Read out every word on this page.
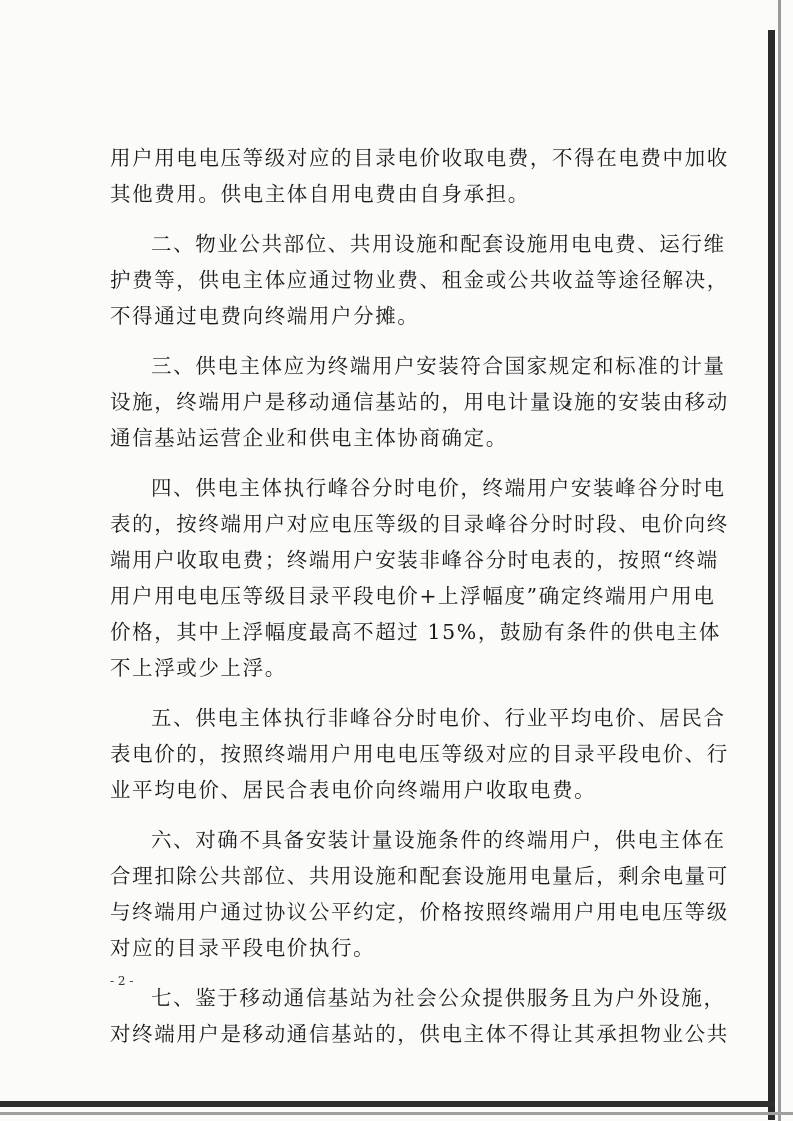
用户用电电压等级对应的目录电价收取电费，不得在电费中加收
其他费用。供电主体自用电费由自身承担。
二、物业公共部位、共用设施和配套设施用电电费、运行维
护费等，供电主体应通过物业费、租金或公共收益等途径解决，
不得通过电费向终端用户分摊。
三、供电主体应为终端用户安装符合国家规定和标准的计量
设施，终端用户是移动通信基站的，用电计量设施的安装由移动
通信基站运营企业和供电主体协商确定。
四、供电主体执行峰谷分时电价，终端用户安装峰谷分时电
表的，按终端用户对应电压等级的目录峰谷分时时段、电价向终
端用户收取电费；终端用户安装非峰谷分时电表的，按照“终端
用户用电电压等级目录平段电价+上浮幅度”确定终端用户用电
价格，其中上浮幅度最高不超过 15%，鼓励有条件的供电主体
不上浮或少上浮。
五、供电主体执行非峰谷分时电价、行业平均电价、居民合
表电价的，按照终端用户用电电压等级对应的目录平段电价、行
业平均电价、居民合表电价向终端用户收取电费。
六、对确不具备安装计量设施条件的终端用户，供电主体在
合理扣除公共部位、共用设施和配套设施用电量后，剩余电量可
与终端用户通过协议公平约定，价格按照终端用户用电电压等级
对应的目录平段电价执行。
七、鉴于移动通信基站为社会公众提供服务且为户外设施，
对终端用户是移动通信基站的，供电主体不得让其承担物业公共
- 2 -
